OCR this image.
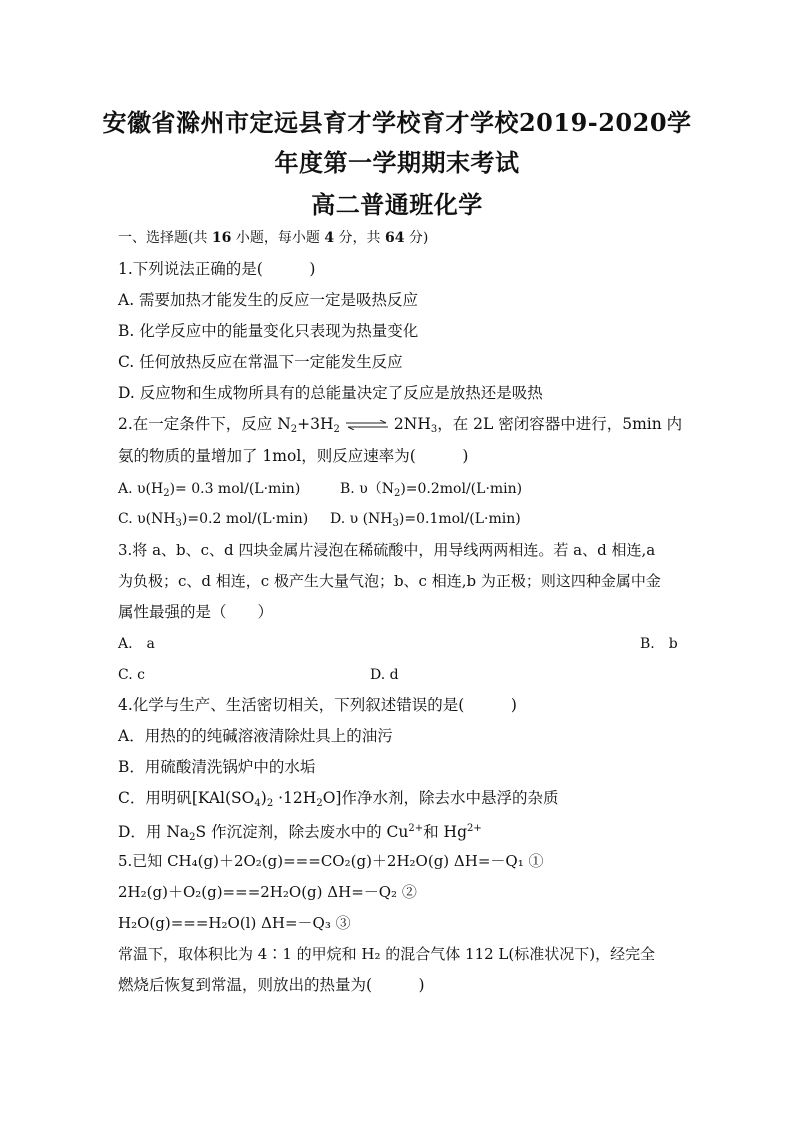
安徽省滁州市定远县育才学校育才学校2019-2020学
年度第一学期期末考试
高二普通班化学
一、选择题(共 16 小题，每小题 4 分，共 64 分)
1.下列说法正确的是(　　　)
A. 需要加热才能发生的反应一定是吸热反应
B. 化学反应中的能量变化只表现为热量变化
C. 任何放热反应在常温下一定能发生反应
D. 反应物和生成物所具有的总能量决定了反应是放热还是吸热
2.在一定条件下，反应 $N_2+3H_2$ ⇌ $2NH_3$，在 2L 密闭容器中进行，5min 内
氨的物质的量增加了 1mol，则反应速率为(　　　)
A. $\upsilon(H_2)= 0.3$ mol/(L·min)	B. $\upsilon(N_2)=0.2mol/(L\cdot\min)$
C. $\upsilon(NH_3)=0.2$ mol/(L·min) D. υ $(NH_3)=0.1mol/(L\cdot\min)$
3.将 a、b、c、d 四块金属片浸泡在稀硫酸中，用导线两两相连。若 a、d 相连,a
为负极；c、d 相连，c 极产生大量气泡；b、c 相连,b 为正极；则这四种金属中金
属性最强的是（　　）
A.　a	B.　b
C. c	D. d
4.化学与生产、生活密切相关，下列叙述错误的是(　　　)
A．用热的的纯碱溶液清除灶具上的油污
B．用硫酸清洗锅炉中的水垢
C．用明矾$[KAl(SO_4)_2 \cdot 12H_2O]$作净水剂，除去水中悬浮的杂质
D．用 $Na_2S$ 作沉淀剂，除去废水中的 $Cu^{2+}$和 $Hg^{2+}$
5.已知 CH₄(g)＋2O₂(g)===CO₂(g)＋2H₂O(g) ΔH=－Q₁ ①
2H₂(g)＋O₂(g)===2H₂O(g) ΔH=－Q₂ ②
H₂O(g)===H₂O(l) ΔH=－Q₃ ③
常温下，取体积比为 4∶1 的甲烷和 H₂ 的混合气体 112 L(标准状况下)，经完全
燃烧后恢复到常温，则放出的热量为(　　　)
